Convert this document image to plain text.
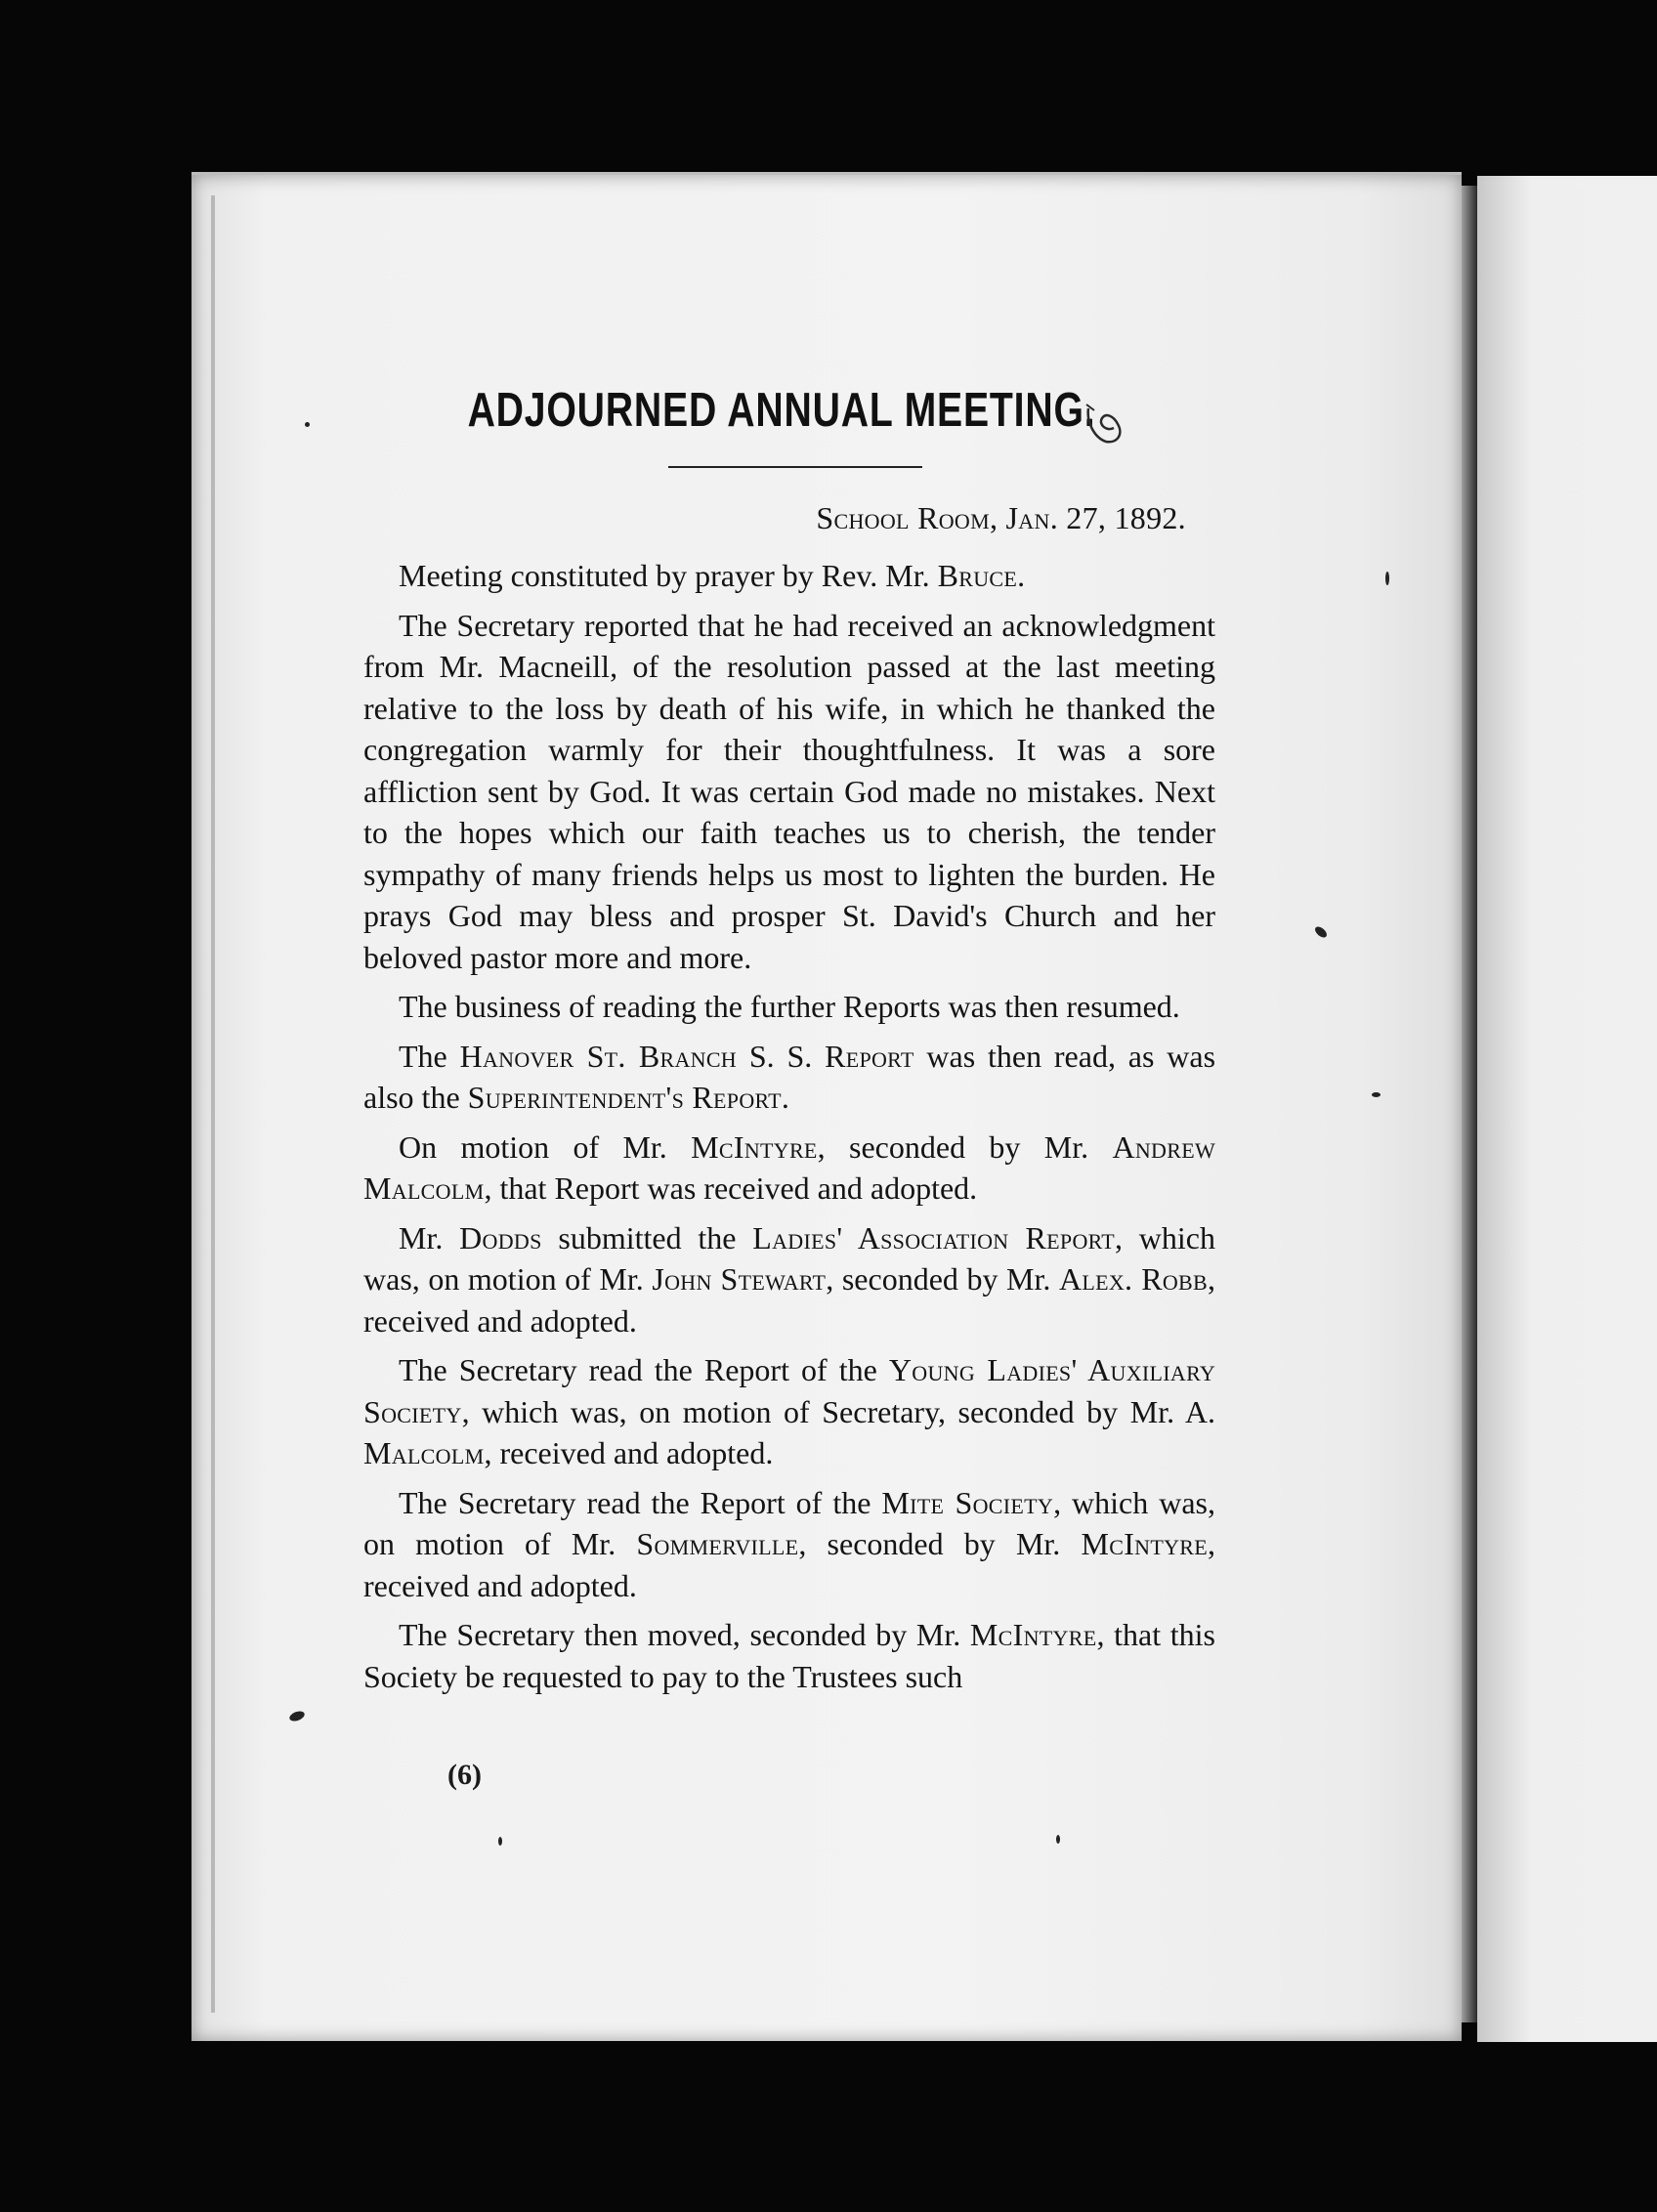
ADJOURNED ANNUAL MEETING.

School Room, Jan. 27, 1892.

Meeting constituted by prayer by Rev. Mr. Bruce.

The Secretary reported that he had received an acknowledgment from Mr. Macneill, of the resolution passed at the last meeting relative to the loss by death of his wife, in which he thanked the congregation warmly for their thoughtfulness. It was a sore affliction sent by God. It was certain God made no mistakes. Next to the hopes which our faith teaches us to cherish, the tender sympathy of many friends helps us most to lighten the burden. He prays God may bless and prosper St. David's Church and her beloved pastor more and more.

The business of reading the further Reports was then resumed.

The Hanover St. Branch S. S. Report was then read, as was also the Superintendent's Report.

On motion of Mr. McIntyre, seconded by Mr. Andrew Malcolm, that Report was received and adopted.

Mr. Dodds submitted the Ladies' Association Report, which was, on motion of Mr. John Stewart, seconded by Mr. Alex. Robb, received and adopted.

The Secretary read the Report of the Young Ladies' Auxiliary Society, which was, on motion of Secretary, seconded by Mr. A. Malcolm, received and adopted.

The Secretary read the Report of the Mite Society, which was, on motion of Mr. Sommerville, seconded by Mr. McIntyre, received and adopted.

The Secretary then moved, seconded by Mr. McIntyre, that this Society be requested to pay to the Trustees such

(6)
